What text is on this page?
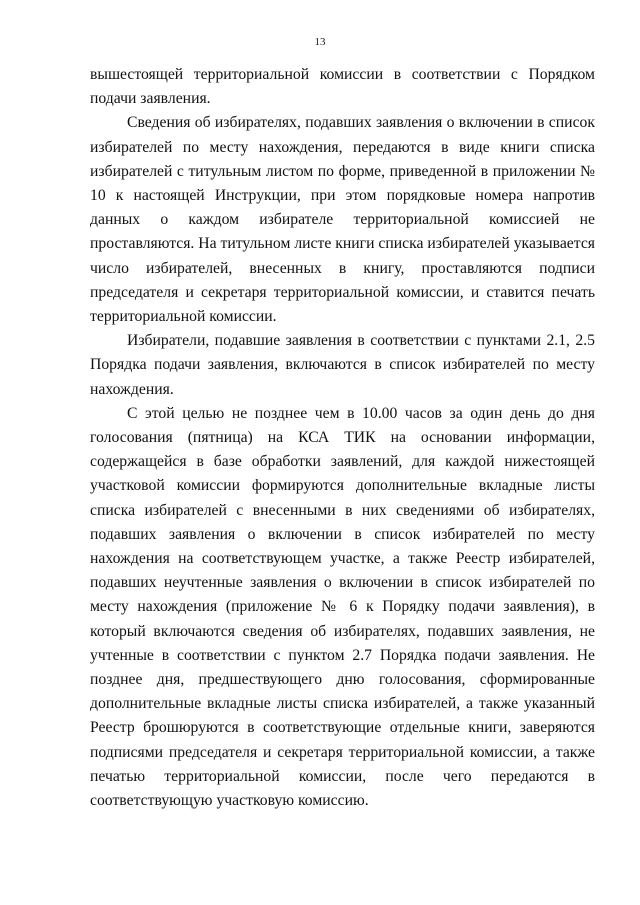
13

вышестоящей территориальной комиссии в соответствии с Порядком подачи заявления.

Сведения об избирателях, подавших заявления о включении в список избирателей по месту нахождения, передаются в виде книги списка избирателей с титульным листом по форме, приведенной в приложении № 10 к настоящей Инструкции, при этом порядковые номера напротив данных о каждом избирателе территориальной комиссией не проставляются. На титульном листе книги списка избирателей указывается число избирателей, внесенных в книгу, проставляются подписи председателя и секретаря территориальной комиссии, и ставится печать территориальной комиссии.

Избиратели, подавшие заявления в соответствии с пунктами 2.1, 2.5 Порядка подачи заявления, включаются в список избирателей по месту нахождения.

С этой целью не позднее чем в 10.00 часов за один день до дня голосования (пятница) на КСА ТИК на основании информации, содержащейся в базе обработки заявлений, для каждой нижестоящей участковой комиссии формируются дополнительные вкладные листы списка избирателей с внесенными в них сведениями об избирателях, подавших заявления о включении в список избирателей по месту нахождения на соответствующем участке, а также Реестр избирателей, подавших неучтенные заявления о включении в список избирателей по месту нахождения (приложение № 6 к Порядку подачи заявления), в который включаются сведения об избирателях, подавших заявления, не учтенные в соответствии с пунктом 2.7 Порядка подачи заявления. Не позднее дня, предшествующего дню голосования, сформированные дополнительные вкладные листы списка избирателей, а также указанный Реестр брошюруются в соответствующие отдельные книги, заверяются подписями председателя и секретаря территориальной комиссии, а также печатью территориальной комиссии, после чего передаются в соответствующую участковую комиссию.
